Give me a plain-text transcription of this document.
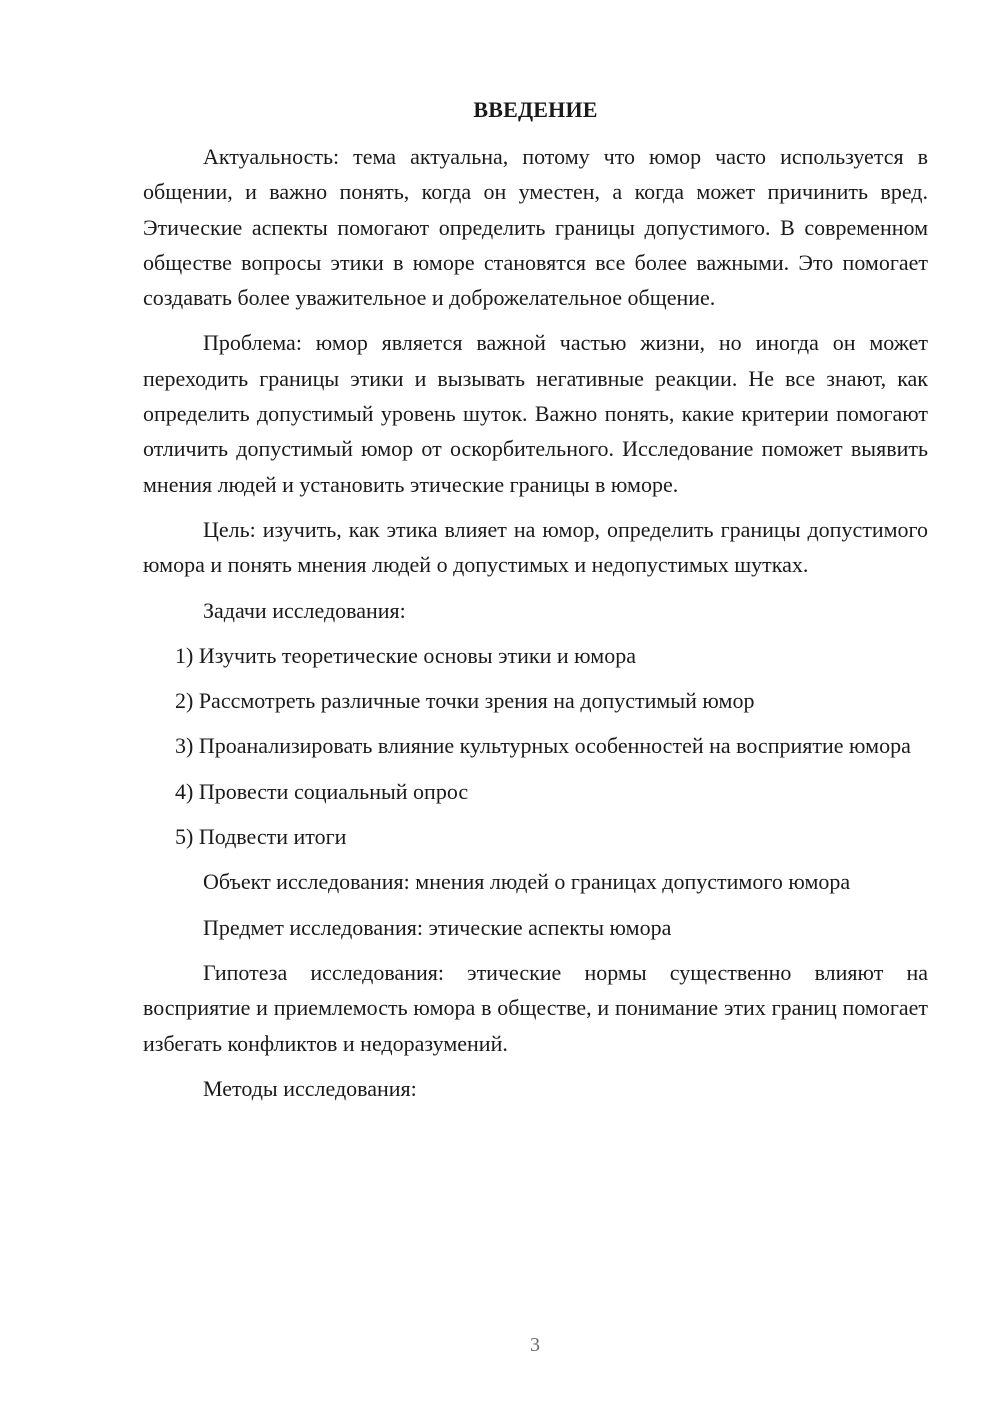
ВВЕДЕНИЕ

Актуальность: тема актуальна, потому что юмор часто используется в общении, и важно понять, когда он уместен, а когда может причинить вред. Этические аспекты помогают определить границы допустимого. В современном обществе вопросы этики в юморе становятся все более важными. Это помогает создавать более уважительное и доброжелательное общение.

Проблема: юмор является важной частью жизни, но иногда он может переходить границы этики и вызывать негативные реакции. Не все знают, как определить допустимый уровень шуток. Важно понять, какие критерии помогают отличить допустимый юмор от оскорбительного. Исследование поможет выявить мнения людей и установить этические границы в юморе.

Цель: изучить, как этика влияет на юмор, определить границы допустимого юмора и понять мнения людей о допустимых и недопустимых шутках.

Задачи исследования:

1) Изучить теоретические основы этики и юмора

2) Рассмотреть различные точки зрения на допустимый юмор

3) Проанализировать влияние культурных особенностей на восприятие юмора

4) Провести социальный опрос

5) Подвести итоги

Объект исследования: мнения людей о границах допустимого юмора

Предмет исследования: этические аспекты юмора

Гипотеза исследования: этические нормы существенно влияют на восприятие и приемлемость юмора в обществе, и понимание этих границ помогает избегать конфликтов и недоразумений.

Методы исследования:

3
